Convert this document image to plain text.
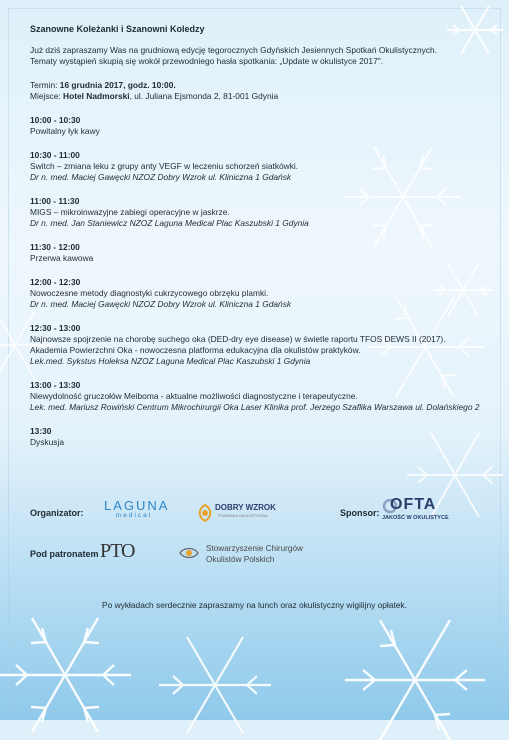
Szanowne Koleżanki i Szanowni Koledzy

Już dziś zapraszamy Was na grudniową edycję tegorocznych Gdyńskich Jesiennych Spotkań Okulistycznych.

Tematy wystąpień skupią się wokół przewodniego hasła spotkania: „Update w okulistyce 2017".

Termin: 16 grudnia 2017, godz. 10:00.

Miejsce: Hotel Nadmorski, ul. Juliana Ejsmonda 2, 81-001 Gdynia

10:00 - 10:30

Powitalny łyk kawy

10:30 - 11:00

Switch – zmiana leku z grupy anty VEGF w leczeniu schorzeń siatkówki.

Dr n. med. Maciej Gawęcki NZOZ Dobry Wzrok ul. Kliniczna 1 Gdańsk

11:00 - 11:30

MIGS – mikroinwazyjne zabiegi operacyjne w jaskrze.

Dr n. med. Jan Staniewicz NZOZ Laguna Medical Plac Kaszubski 1 Gdynia

11:30 - 12:00

Przerwa kawowa

12:00 - 12:30

Nowoczesne metody diagnostyki cukrzycowego obrzęku plamki.

Dr n. med. Maciej Gawęcki NZOZ Dobry Wzrok ul. Kliniczna 1 Gdańsk

12:30 - 13:00

Najnowsze spojrzenie na chorobę suchego oka (DED-dry eye disease) w świetle raportu TFOS DEWS II (2017).

Akademia Powierzchni Oka - nowoczesna platforma edukacyjna dla okulistów praktyków.

Lek.med. Sykstus Holeksa NZOZ Laguna Medical Plac Kaszubski 1 Gdynia

13:00 - 13:30

Niewydolność gruczołów Meiboma - aktualne możliwości diagnostyczne i terapeutyczne.

Lek. med. Mariusz Rowiński Centrum Mikrochirurgii Oka Laser Klinika prof. Jerzego Szaflika Warszawa ul. Dolańskiego 2

13:30

Dyskusja

Organizator: LAGUNA
medical
DOBRY WZROK
PORADNIA OKULISTYCZNA	Sponsor: OFTA
JAKOŚĆ W OKULISTYCE
Pod patronatem PTO	Stowarzyszenie Chirurgów
Okulistów Polskich
Po wykładach serdecznie zapraszamy na lunch oraz okulistyczny wigilijny opłatek.
